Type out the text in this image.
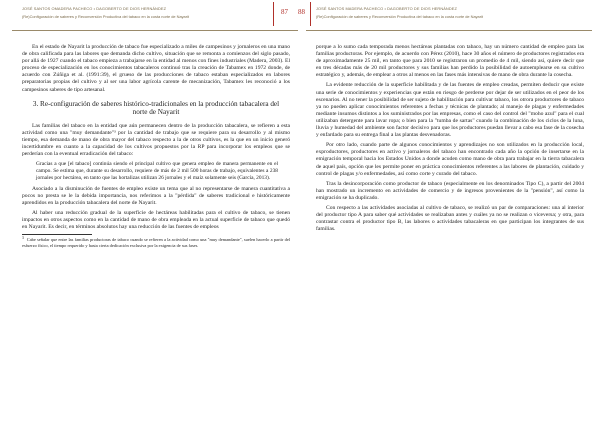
JOSÉ SANTOS OMADERA PACHECO • DAGOBERTO DE DIOS HERNÁNDEZ
(Re)Configuración de saberes y Reconversión Productiva del tabaco en la costa norte de Nayarit
87

En el estado de Nayarit la producción de tabaco fue especializado a miles de campesinos y jornaleros en una mano de obra calificada para las labores que demanda dicho cultivo, situación que se remonta a comienzos del siglo pasado, por allá de 1927 cuando el tabaco empieza a trabajarse en la entidad al menos con fines industriales (Madera, 2003). El proceso de especialización en los conocimientos tabacaleros continuó tras la creación de Tabamex en 1972 donde, de acuerdo con Zúñiga et al. (1991:39), el grueso de las producciones de tabaco estaban especializados en labores preparatorias propias del cultivo y al ser una labor agrícola carente de mecanización, Tabamex les reconoció a los campesinos saberes de tipo artesanal.

3. Re-configuración de saberes histórico-tradicionales en la producción tabacalera del norte de Nayarit

Las familias del tabaco en la entidad que aún permanecen dentro de la producción tabacalera, se refieren a esta actividad como una "muy demandante"³ por la cantidad de trabajo que se requiere para su desarrollo y al mismo tiempo, esa demanda de mano de obra mayor del tabaco respecto a la de otros cultivos, es la que en un inicio generó incertidumbre en cuanto a la capacidad de los cultivos propuestos por la RP para incorporar los empleos que se perderían con la eventual erradicación del tabaco:

Gracias a que [el tabaco] continúa siendo el principal cultivo que genera empleo de manera permanente en el campo. Se estima que, durante su desarrollo, requiere de más de 2 mil 500 horas de trabajo, equivalentes a 238 jornales por hectárea, en tanto que las hortalizas utilizan 26 jornales y el maíz solamente seis (García, 2013).

Asociado a la disminución de fuentes de empleo existe un tema que al no representarse de manera cuantitativa a pocos no presta se le la debida importancia, nos referimos a la "pérdida" de saberes tradicional e históricamente aprendidos en la producción tabacalera del norte de Nayarit.

Al haber una reducción gradual de la superficie de hectáreas habilitadas para el cultivo de tabaco, se tienen impactos en otros aspectos como en la cantidad de mano de obra empleada en la actual superficie de tabaco que quedó en Nayarit. Es decir, en términos absolutos hay una reducción de las fuentes de empleos

$^3$ Cabe señalar que entre las familias productoras de tabaco cuando se refieren a la actividad como una "muy demandante", suelen hacerlo a partir del esfuerzo físico, el tiempo requerido y hasta cierta dedicación exclusiva por la exigencia de sus fases.

JOSÉ SANTOS MADERA PACHECO • DAGOBERTO DE DIOS HERNÁNDEZ
(Re)Configuración de saberes y Reconversión Productiva del tabaco en la costa norte de Nayarit
88

porque a lo sumo cada temporada menos hectáreas plantadas con tabaco, hay un número cantidad de empleo para las familias productoras. Por ejemplo, de acuerdo con Pérez (2010), hace 30 años el número de productores registrados era de aproximadamente 25 mil, en tanto que para 2010 se registraron un promedio de 4 mil, siendo así, quiere decir que en tres décadas más de 20 mil productores y sus familias han perdido la posibilidad de autoemplearse en su cultivo estratégico y, además, de emplear a otros al menos en las fases más intensivas de mano de obra durante la cosecha.

La evidente reducción de la superficie habilitada y de las fuentes de empleo creadas, permiten deducir que existe una serie de conocimientos y experiencias que están en riesgo de perderse por dejar de ser utilizados en el peor de los escenarios. Al no tener la posibilidad de ser sujeto de habilitación para cultivar tabaco, los otrora productores de tabaco ya no pueden aplicar conocimientos referentes a fechas y técnicas de plantado; al manejo de plagas y enfermedades mediante insumos distintos a los suministrados por las empresas, como el caso del control del "moho azul" para el cual utilizaban detergente para lavar ropa; o bien para la "tumba de sartas" cuando la combinación de los ciclos de la luna, lluvia y humedad del ambiente son factor decisivo para que los productores puedan llevar a cabo esa fase de la cosecha y enfardado para su entrega final a las plantas desvenadoras.

Por otro lado, cuando parte de algunos conocimientos y aprendizajes no son utilizados en la producción local, exproductores, productores en activo y jornaleros del tabaco han encontrado cada año la opción de insertarse en la emigración temporal hacia los Estados Unidos a donde acuden como mano de obra para trabajar en la tierra tabacalera de aquel país, opción que les permite poner en práctica conocimientos referentes a las labores de plantación, cuidado y control de plagas y/o enfermedades, así como corte y curado del tabaco.

Tras la desincorporación como productor de tabaco (especialmente en los denominados Tipo C), a partir del 2004 han mostrado un incremento en actividades de comercio y de ingresos provenientes de la "pensión", así como la emigración se ha duplicado.

Con respecto a las actividades asociadas al cultivo de tabaco, se realizó un par de comparaciones: una al interior del productor tipo A para saber qué actividades se realizaban antes y cuáles ya no se realizan o viceversa; y otra, para contrastar contra el productor tipo B, las labores o actividades tabacaleras en que participan los integrantes de sus familias.
